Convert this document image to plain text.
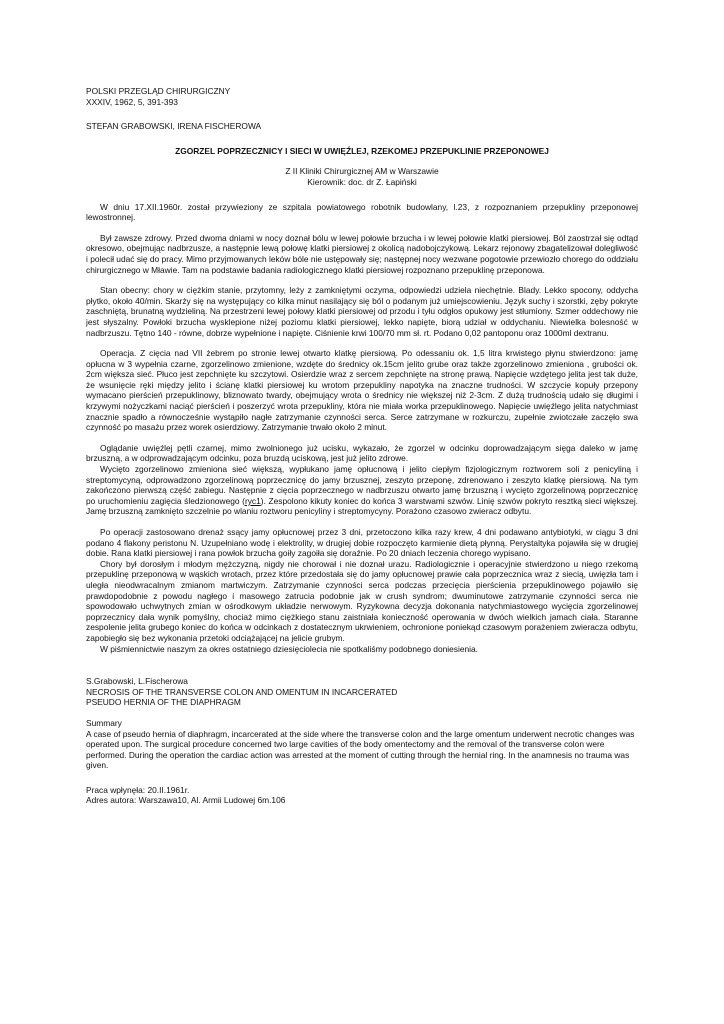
POLSKI PRZEGLĄD CHIRURGICZNY
XXXIV, 1962, 5, 391-393
STEFAN GRABOWSKI, IRENA FISCHEROWA
ZGORZEL POPRZECZNICY I SIECI W UWIĘŹLEJ, RZEKOMEJ PRZEPUKLINIE PRZEPONOWEJ
Z II Kliniki Chirurgicznej AM w Warszawie
Kierownik: doc. dr Z. Łapiński

W dniu 17.XII.1960r. został przywieziony ze szpitala powiatowego robotnik budowlany, l.23, z rozpoznaniem przepukliny przeponowej lewostronnej.

Był zawsze zdrowy. Przed dwoma dniami w nocy doznał bólu w lewej połowie brzucha i w lewej połowie klatki piersiowej. Ból zaostrzał się odtąd okresowo, obejmując nadbrzusze, a następnie lewą połowę klatki piersiowej z okolicą nadobojczykową. Lekarz rejonowy zbagatelizował dolegliwość i polecił udać się do pracy. Mimo przyjmowanych leków bóle nie ustępowały się; następnej nocy wezwane pogotowie przewiozło chorego do oddziału chirurgicznego w Mławie. Tam na podstawie badania radiologicznego klatki piersiowej rozpoznano przepuklinę przeponowa.

Stan obecny: chory w ciężkim stanie, przytomny, leży z zamkniętymi oczyma, odpowiedzi udziela niechętnie. Blady. Lekko spocony, oddycha płytko, około 40/min. Skarży się na występujący co kilka minut nasilający się ból o podanym już umiejscowieniu. Język suchy i szorstki, zęby pokryte zaschniętą, brunatną wydzieliną. Na przestrzeni lewej połowy klatki piersiowej od przodu i tyłu odgłos opukowy jest stłumiony. Szmer oddechowy nie jest słyszalny. Powłoki brzucha wysklepione niżej poziomu klatki piersiowej, lekko napięte, biorą udział w oddychaniu. Niewielka bolesność w nadbrzuszu. Tętno 140 - równe, dobrze wypełnione i napięte. Ciśnienie krwi 100/70 mm sł. rt. Podano 0,02 pantoponu oraz 1000ml dextranu.

Operacja. Z cięcia nad VII żebrem po stronie lewej otwarto klatkę piersiową. Po odessaniu ok. 1,5 litra krwistego płynu stwierdzono: jamę opłucna w 3 wypełnia czarne, zgorzelinowo zmienione, wzdęte do średnicy ok.15cm jelito grube oraz także zgorzelinowo zmieniona , grubości ok. 2cm większa sieć. Płuco jest zepchnięte ku szczytowi. Osierdzie wraz z sercem zepchnięte na stronę prawą. Napięcie wzdętego jelita jest tak duże, że wsunięcie ręki między jelito i ścianę klatki piersiowej ku wrotom przepukliny napotyka na znaczne trudności. W szczycie kopuły przepony wymacano pierścień przepuklinowy, bliznowato twardy, obejmujący wrota o średnicy nie większej niż 2-3cm. Z dużą trudnością udało się długimi i krzywymi nożyczkami naciąć pierścień i poszerzyć wrota przepukliny, która nie miała worka przepuklinowego. Napięcie uwięźlego jelita natychmiast znacznie spadło a równocześnie wystąpiło nagłe zatrzymanie czynności serca. Serce zatrzymane w rozkurczu, zupełnie zwiotczałe zaczęło swa czynność po masażu przez worek osierdziowy. Zatrzymanie trwało około 2 minut.

Oglądanie uwięźlej pętli czarnej, mimo zwolnionego już ucisku, wykazało, że zgorzel w odcinku doprowadzającym sięga daleko w jamę brzuszną, a w odprowadzającym odcinku, poza bruzdą uciskową, jest już jelito zdrowe.

Wycięto zgorzelinowo zmieniona sieć większą, wypłukano jamę opłucnową i jelito ciepłym fizjologicznym roztworem soli z penicyliną i streptomycyną, odprowadzono zgorzelinową poprzecznicę do jamy brzusznej, zeszyto przeponę, zdrenowano i zeszyto klatkę piersiową. Na tym zakończono pierwszą część zabiegu. Następnie z cięcia poprzecznego w nadbrzuszu otwarto jamę brzuszną i wycięto zgorzelinową poprzecznicę po uruchomieniu zagięcia śledzionowego (ryc1). Zespolono kikuty koniec do końca 3 warstwami szwów. Linię szwów pokryto resztką sieci większej. Jamę brzuszną zamknięto szczelnie po wlaniu roztworu penicyliny i streptomycyny. Porażono czasowo zwieracz odbytu.

Po operacji zastosowano drenaż ssący jamy opłucnowej przez 3 dni, przetoczono kilka razy krew, 4 dni podawano antybiotyki, w ciągu 3 dni podano 4 flakony peristonu N. Uzupełniano wodę i elektrolity, w drugiej dobie rozpoczęto karmienie dietą płynną. Perystaltyka pojawiła się w drugiej dobie. Rana klatki piersiowej i rana powłok brzucha goiły zagoiła się doraźnie. Po 20 dniach leczenia chorego wypisano.

Chory był dorosłym i młodym mężczyzną, nigdy nie chorował i nie doznał urazu. Radiologicznie i operacyjnie stwierdzono u niego rzekomą przepuklinę przeponową w wąskich wrotach, przez które przedostała się do jamy opłucnowej prawie cała poprzecznica wraz z siecią, uwięzła tam i uległa nieodwracalnym zmianom martwiczym. Zatrzymanie czynności serca podczas przecięcia pierścienia przepuklinowego pojawiło się prawdopodobnie z powodu nagłego i masowego zatrucia podobnie jak w crush syndrom; dwuminutowe zatrzymanie czynności serca nie spowodowało uchwytnych zmian w ośrodkowym układzie nerwowym. Ryzykowna decyzja dokonania natychmiastowego wycięcia zgorzelinowej poprzecznicy dała wynik pomyślny, chociaż mimo ciężkiego stanu zaistniała konieczność operowania w dwóch wielkich jamach ciała. Staranne zespolenie jelita grubego koniec do końca w odcinkach z dostatecznym ukrwieniem, ochronione poniekąd czasowym porażeniem zwieracza odbytu, zapobiegło się bez wykonania przetoki odciążającej na jelicie grubym.

W piśmiennictwie naszym za okres ostatniego dziesięciolecia nie spotkaliśmy podobnego doniesienia.

S.Grabowski, L.Fischerowa
NECROSIS OF THE TRANSVERSE COLON AND OMENTUM IN INCARCERATED
PSEUDO HERNIA OF THE DIAPHRAGM
Summary

A case of pseudo hernia of diaphragm, incarcerated at the side where the transverse colon and the large omentum underwent necrotic changes was operated upon. The surgical procedure concerned two large cavities of the body omentectomy and the removal of the transverse colon were performed. During the operation the cardiac action was arrested at the moment of cutting through the hernial ring. In the anamnesis no trauma was given.

Praca wpłynęła: 20.II.1961r.
Adres autora: Warszawa10, Al. Armii Ludowej 6m.106
